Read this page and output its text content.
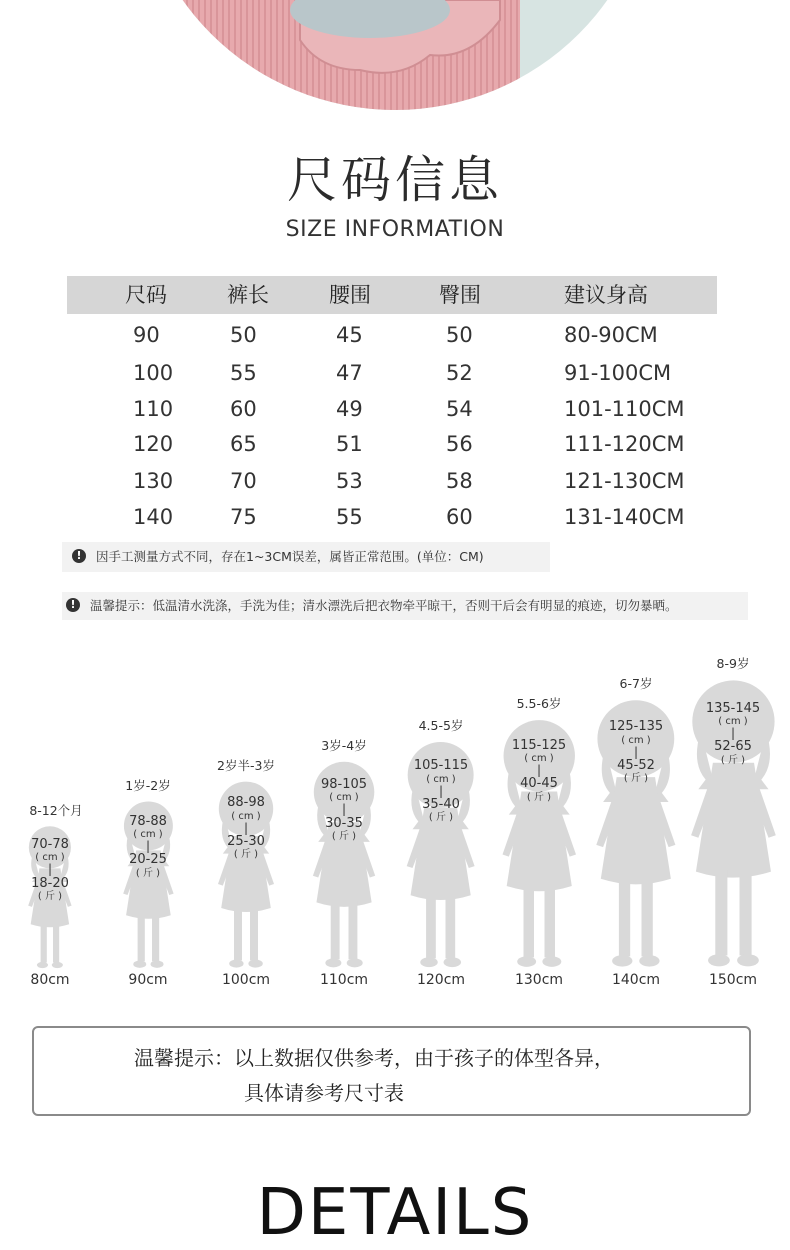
尺码信息
SIZE INFORMATION
尺码	裤长	腰围	臀围	建议身高
90	50	45	50	80-90CM
100	55	47	52	91-100CM
110	60	49	54	101-110CM
120	65	51	56	111-120CM
130	70	53	58	121-130CM
140	75	55	60	131-140CM
!	因手工测量方式不同，存在1~3CM误差，属皆正常范围。(单位：CM)
!	温馨提示：低温清水洗涤，手洗为佳；清水漂洗后把衣物牵平晾干，否则干后会有明显的痕迹，切勿暴晒。
温馨提示：以上数据仅供参考，由于孩子的体型各异，
具体请参考尺寸表
DETAILS
8-12个月
70-78
( cm )
|
18-20
( 斤 )
80cm
1岁-2岁
78-88
( cm )
|
20-25
( 斤 )
90cm
2岁半-3岁
88-98
( cm )
|
25-30
( 斤 )
100cm
3岁-4岁
98-105
( cm )
|
30-35
( 斤 )
110cm
4.5-5岁
105-115
( cm )
|
35-40
( 斤 )
120cm
5.5-6岁
115-125
( cm )
|
40-45
( 斤 )
130cm
6-7岁
125-135
( cm )
|
45-52
( 斤 )
140cm
8-9岁
135-145
( cm )
|
52-65
( 斤 )
150cm
